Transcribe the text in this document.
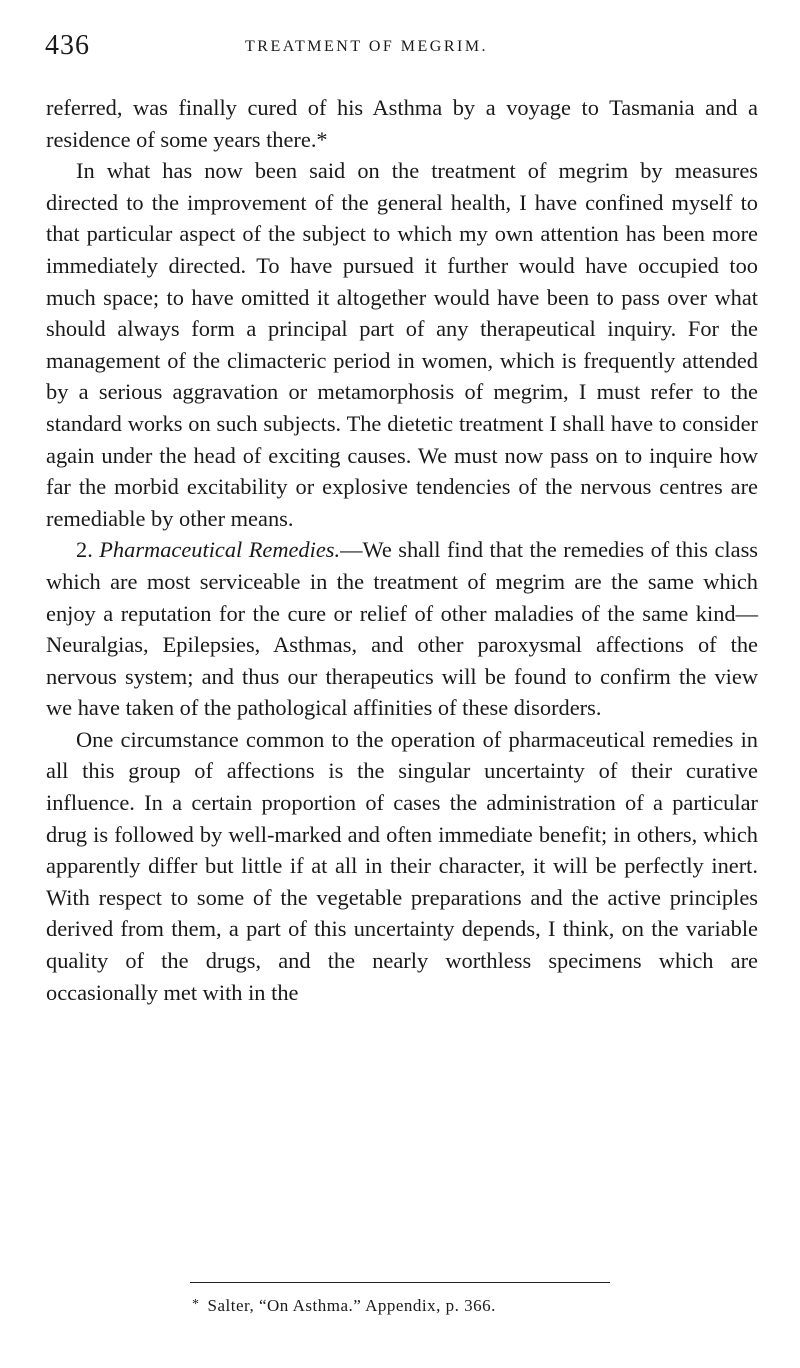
436	TREATMENT OF MEGRIM.

referred, was finally cured of his Asthma by a voyage to Tasmania and a residence of some years there.*

In what has now been said on the treatment of megrim by measures directed to the improvement of the general health, I have confined myself to that particular aspect of the subject to which my own attention has been more immediately directed. To have pursued it further would have occupied too much space; to have omitted it altogether would have been to pass over what should always form a principal part of any therapeutical inquiry. For the management of the climacteric period in women, which is frequently attended by a serious aggravation or metamorphosis of megrim, I must refer to the standard works on such subjects. The dietetic treatment I shall have to consider again under the head of exciting causes. We must now pass on to inquire how far the morbid excitability or explosive tendencies of the nervous centres are remediable by other means.

2. Pharmaceutical Remedies.—We shall find that the remedies of this class which are most serviceable in the treatment of megrim are the same which enjoy a reputation for the cure or relief of other maladies of the same kind—Neuralgias, Epilepsies, Asthmas, and other paroxysmal affections of the nervous system; and thus our therapeutics will be found to confirm the view we have taken of the pathological affinities of these disorders.

One circumstance common to the operation of pharmaceutical remedies in all this group of affections is the singular uncertainty of their curative influence. In a certain proportion of cases the administration of a particular drug is followed by well-marked and often immediate benefit; in others, which apparently differ but little if at all in their character, it will be perfectly inert. With respect to some of the vegetable preparations and the active principles derived from them, a part of this uncertainty depends, I think, on the variable quality of the drugs, and the nearly worthless specimens which are occasionally met with in the

* Salter, “On Asthma.” Appendix, p. 366.
